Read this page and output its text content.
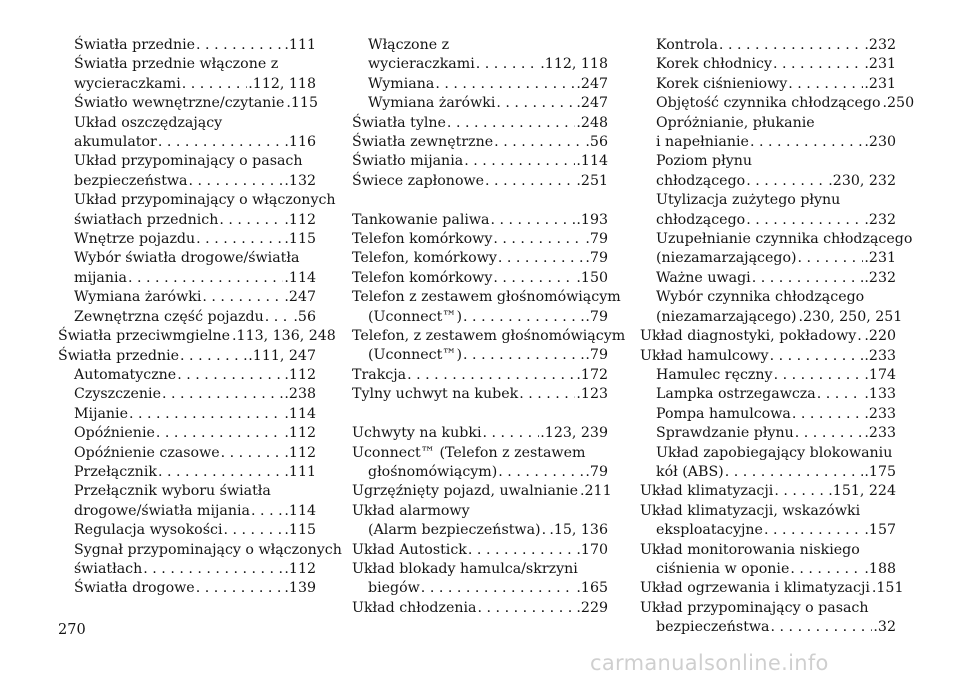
Światła przednie . . .	.111
Światła przednie włączone z
wycieraczkami . . .	.112, 118
Światło wewnętrzne/czytanie .115
Układ oszczędzający
akumulator . . .	.116
Układ przypominający o pasach
bezpieczeństwa . . .	.132
Układ przypominający o włączonych
światłach przednich . . .	.112
Wnętrze pojazdu . . .	.115
Wybór światła drogowe/światła
mijania . . .	.114
Wymiana żarówki . . .	.247
Zewnętrzna część pojazdu . . . .56
Światła przeciwmgielne .113, 136, 248
Światła przednie . . .	.111, 247
Automatyczne . . .	.112
Czyszczenie . . .	.238
Mijanie . . .	.114
Opóźnienie . . .	.112
Opóźnienie czasowe . . .	.112
Przełącznik . . .	.111
Przełącznik wyboru światła
drogowe/światła mijania . . . .114
Regulacja wysokości . . .	.115
Sygnał przypominający o włączonych
światłach . . .	.112
Światła drogowe . . .	.139
Włączone z
wycieraczkami . . .	.112, 118
Wymiana . . .	.247
Wymiana żarówki . . .	.247
Światła tylne . . .	.248
Światła zewnętrzne . . .	.56
Światło mijania . . .	.114
Świece zapłonowe . . .	.251
Tankowanie paliwa . . .	.193
Telefon komórkowy . . .	.79
Telefon, komórkowy . . .	.79
Telefon komórkowy . . .	.150
Telefon z zestawem głośnomówiącym
(Uconnect™) . . .	.79
Telefon, z zestawem głośnomówiącym
(Uconnect™) . . .	.79
Trakcja . . .	.172
Tylny uchwyt na kubek . . .	.123
Uchwyty na kubki . . .	.123, 239
Uconnect™ (Telefon z zestawem
głośnomówiącym) . . .	.79
Ugrzęźnięty pojazd, uwalnianie .211
Układ alarmowy
(Alarm bezpieczeństwa) . . . .15, 136
Układ Autostick . . .	.170
Układ blokady hamulca/skrzyni
biegów . . .	.165
Układ chłodzenia . . .	.229
Kontrola . . .	.232
Korek chłodnicy . . .	.231
Korek ciśnieniowy . . .	.231
Objętość czynnika chłodzącego .250
Opróżnianie, płukanie
i napełnianie . . .	.230
Poziom płynu
chłodzącego . . .	.230, 232
Utylizacja zużytego płynu
chłodzącego . . .	.232
Uzupełnianie czynnika chłodzącego
(niezamarzającego) . . .	.231
Ważne uwagi . . .	.232
Wybór czynnika chłodzącego
(niezamarzającego) .230, 250, 251
Układ diagnostyki, pokładowy . . . .220
Układ hamulcowy . . .	.233
Hamulec ręczny . . .	.174
Lampka ostrzegawcza . . .	.133
Pompa hamulcowa . . .	.233
Sprawdzanie płynu . . .	.233
Układ zapobiegający blokowaniu
kół (ABS) . . .	.175
Układ klimatyzacji . . .	.151, 224
Układ klimatyzacji, wskazówki
eksploatacyjne . . .	.157
Układ monitorowania niskiego
ciśnienia w oponie . . .	.188
Układ ogrzewania i klimatyzacji .151
Układ przypominający o pasach
bezpieczeństwa . . .	.32
270
carmanualsonline.info
